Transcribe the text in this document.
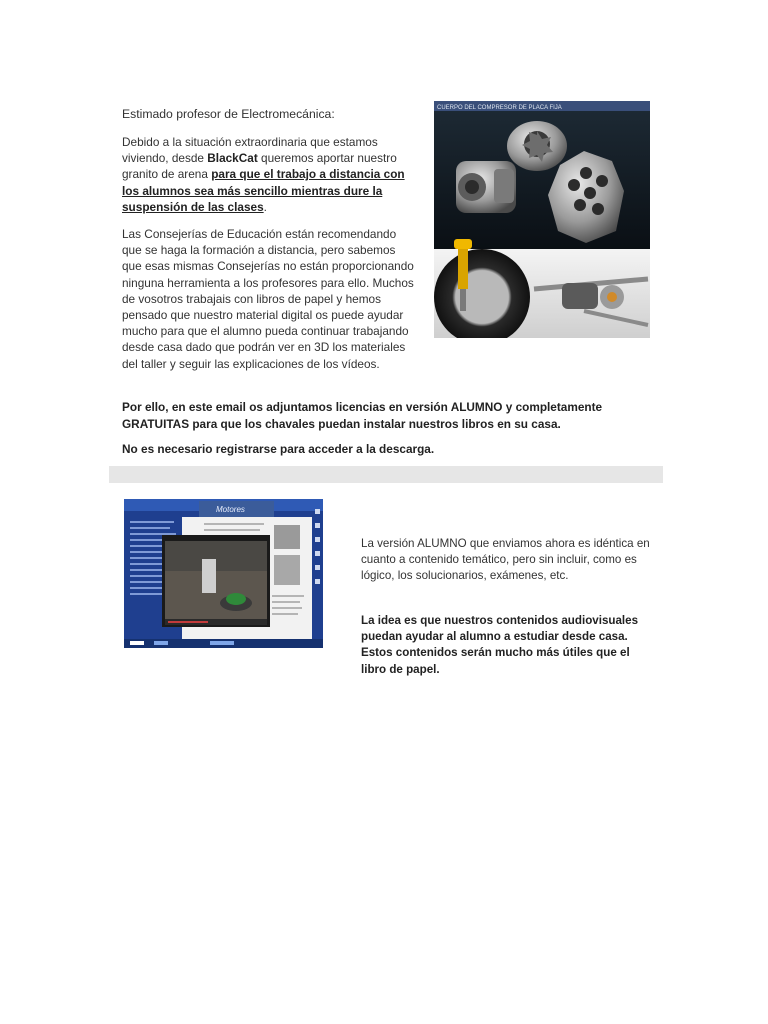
Estimado profesor de Electromecánica:
Debido a la situación extraordinaria que estamos viviendo, desde BlackCat queremos aportar nuestro granito de arena para que el trabajo a distancia con los alumnos sea más sencillo mientras dure la suspensión de las clases.
Las Consejerías de Educación están recomendando que se haga la formación a distancia, pero sabemos que esas mismas Consejerías no están proporcionando ninguna herramienta a los profesores para ello. Muchos de vosotros trabajais con libros de papel y hemos pensado que nuestro material digital os puede ayudar mucho para que el alumno pueda continuar trabajando desde casa dado que podrán ver en 3D los materiales del taller y seguir las explicaciones de los vídeos.
CUERPO DEL COMPRESOR DE PLACA FIJA
Por ello, en este email os adjuntamos licencias en versión ALUMNO y completamente GRATUITAS para que los chavales puedan instalar nuestros libros en su casa.
No es necesario registrarse para acceder a la descarga.
Motores
La versión ALUMNO que enviamos ahora es idéntica en cuanto a contenido temático, pero sin incluir, como es lógico, los solucionarios, exámenes, etc.
La idea es que nuestros contenidos audiovisuales puedan ayudar al alumno a estudiar desde casa. Estos contenidos serán mucho más útiles que el libro de papel.
